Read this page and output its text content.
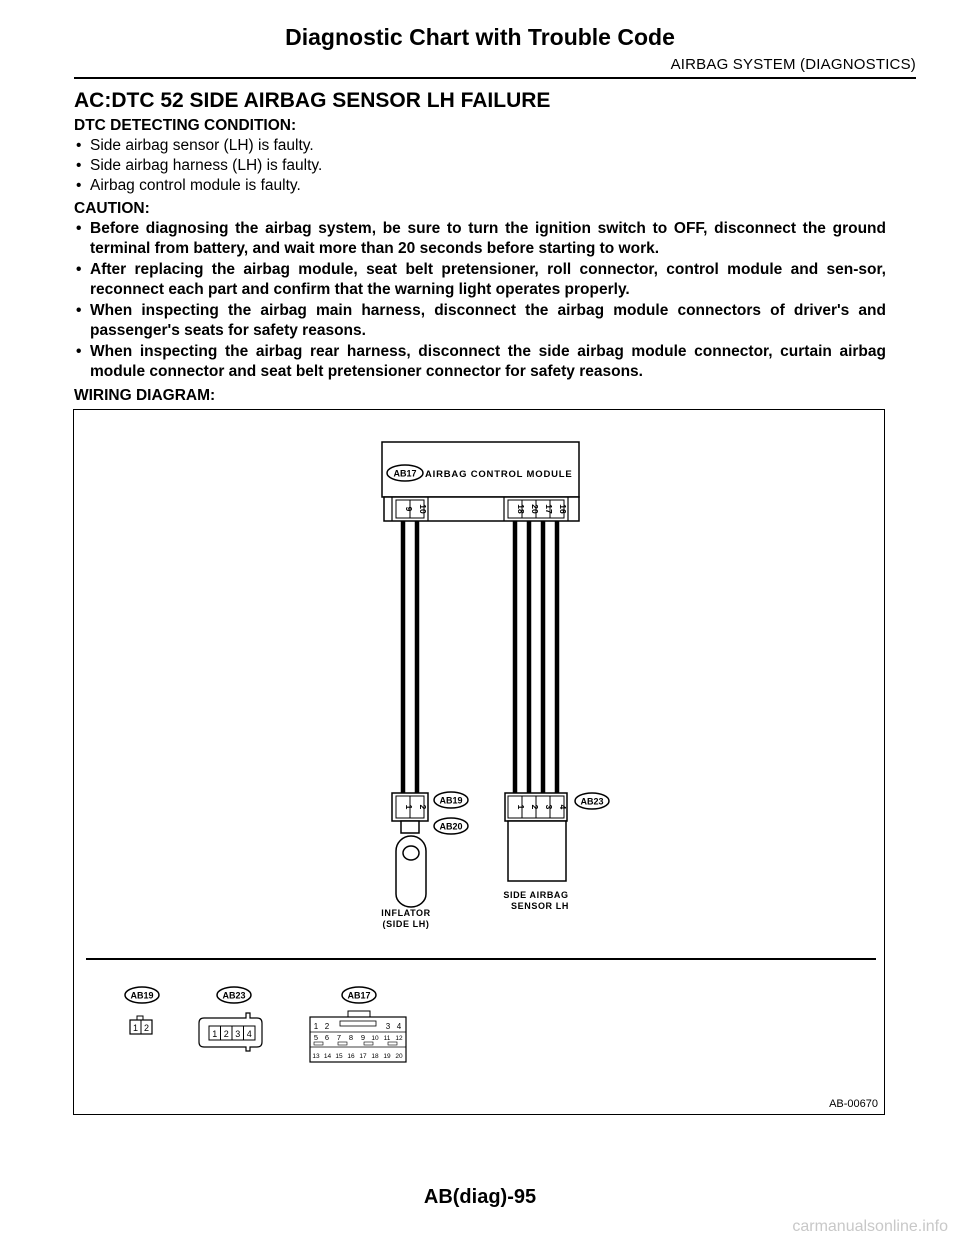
Diagnostic Chart with Trouble Code
AIRBAG SYSTEM (DIAGNOSTICS)
AC:DTC 52 SIDE AIRBAG SENSOR LH FAILURE
DTC DETECTING CONDITION:
• Side airbag sensor (LH) is faulty.
• Side airbag harness (LH) is faulty.
• Airbag control module is faulty.
CAUTION:
• Before diagnosing the airbag system, be sure to turn the ignition switch to OFF, disconnect the ground terminal from battery, and wait more than 20 seconds before starting to work.
• After replacing the airbag module, seat belt pretensioner, roll connector, control module and sen-sor, reconnect each part and confirm that the warning light operates properly.
• When inspecting the airbag main harness, disconnect the airbag module connectors of driver's and passenger's seats for safety reasons.
• When inspecting the airbag rear harness, disconnect the side airbag module connector, curtain airbag module connector and seat belt pretensioner connector for safety reasons.
WIRING DIAGRAM:
AB17 AIRBAG CONTROL MODULE
9 10	18 20 17 16
1 2
AB19
AB20
INFLATOR
(SIDE LH)
1 2 3 4
AB23
SIDE AIRBAG
SENSOR LH
AB19	AB23	AB17
1 2
1 2 3 4
1 2	3 4
5 6 7 8 9 10 11 12
13 14 15 16 17 18 19 20
AB-00670
AB(diag)-95
carmanualsonline.info
